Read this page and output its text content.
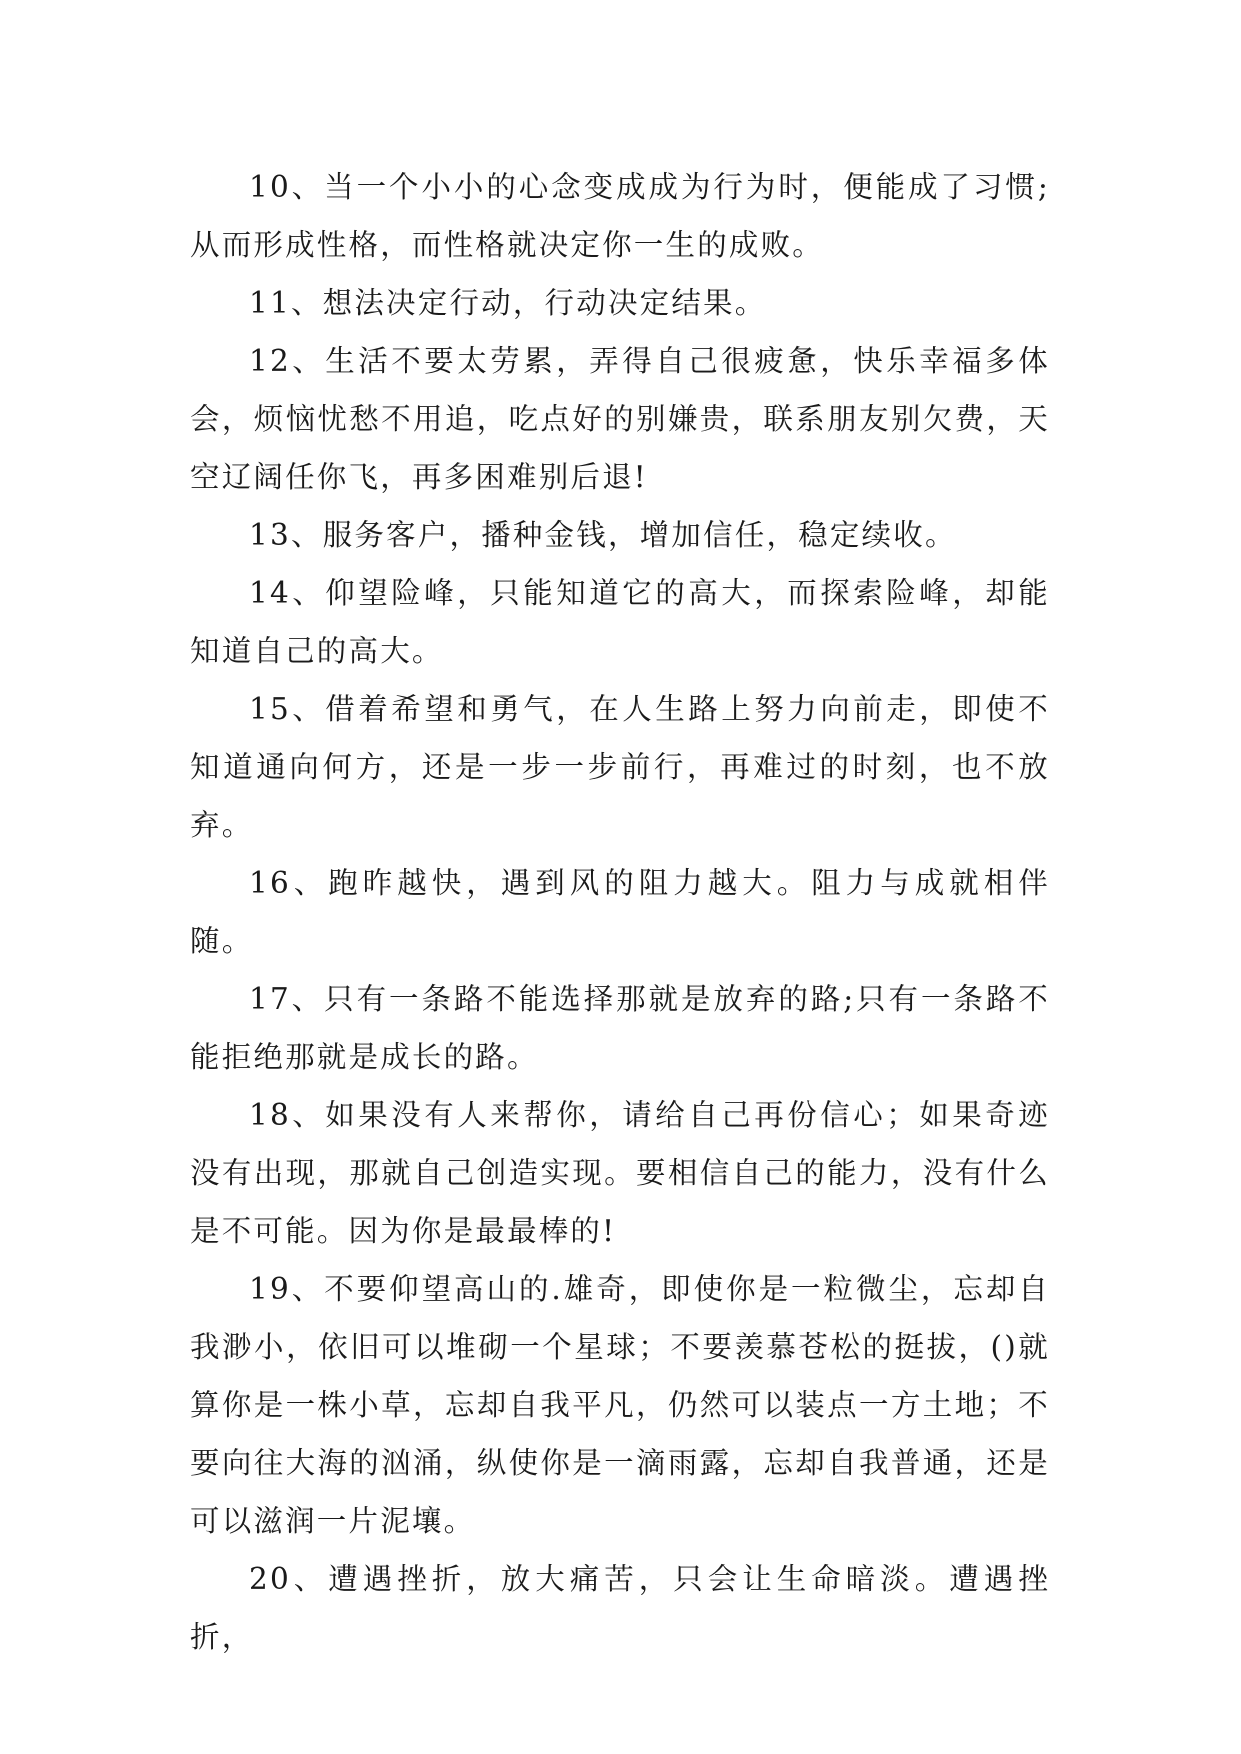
10、当一个小小的心念变成成为行为时，便能成了习惯;从而形成性格，而性格就决定你一生的成败。

11、想法决定行动，行动决定结果。

12、生活不要太劳累，弄得自己很疲惫，快乐幸福多体会，烦恼忧愁不用追，吃点好的别嫌贵，联系朋友别欠费，天空辽阔任你飞，再多困难别后退!

13、服务客户，播种金钱，增加信任，稳定续收。

14、仰望险峰，只能知道它的高大，而探索险峰，却能知道自己的高大。

15、借着希望和勇气，在人生路上努力向前走，即使不知道通向何方，还是一步一步前行，再难过的时刻，也不放弃。

16、跑昨越快，遇到风的阻力越大。阻力与成就相伴随。

17、只有一条路不能选择那就是放弃的路;只有一条路不能拒绝那就是成长的路。

18、如果没有人来帮你，请给自己再份信心；如果奇迹没有出现，那就自己创造实现。要相信自己的能力，没有什么是不可能。因为你是最最棒的!

19、不要仰望高山的.雄奇，即使你是一粒微尘，忘却自我渺小，依旧可以堆砌一个星球；不要羡慕苍松的挺拔，()就算你是一株小草，忘却自我平凡，仍然可以装点一方土地；不要向往大海的汹涌，纵使你是一滴雨露，忘却自我普通，还是可以滋润一片泥壤。

20、遭遇挫折，放大痛苦，只会让生命暗淡。遭遇挫折，
